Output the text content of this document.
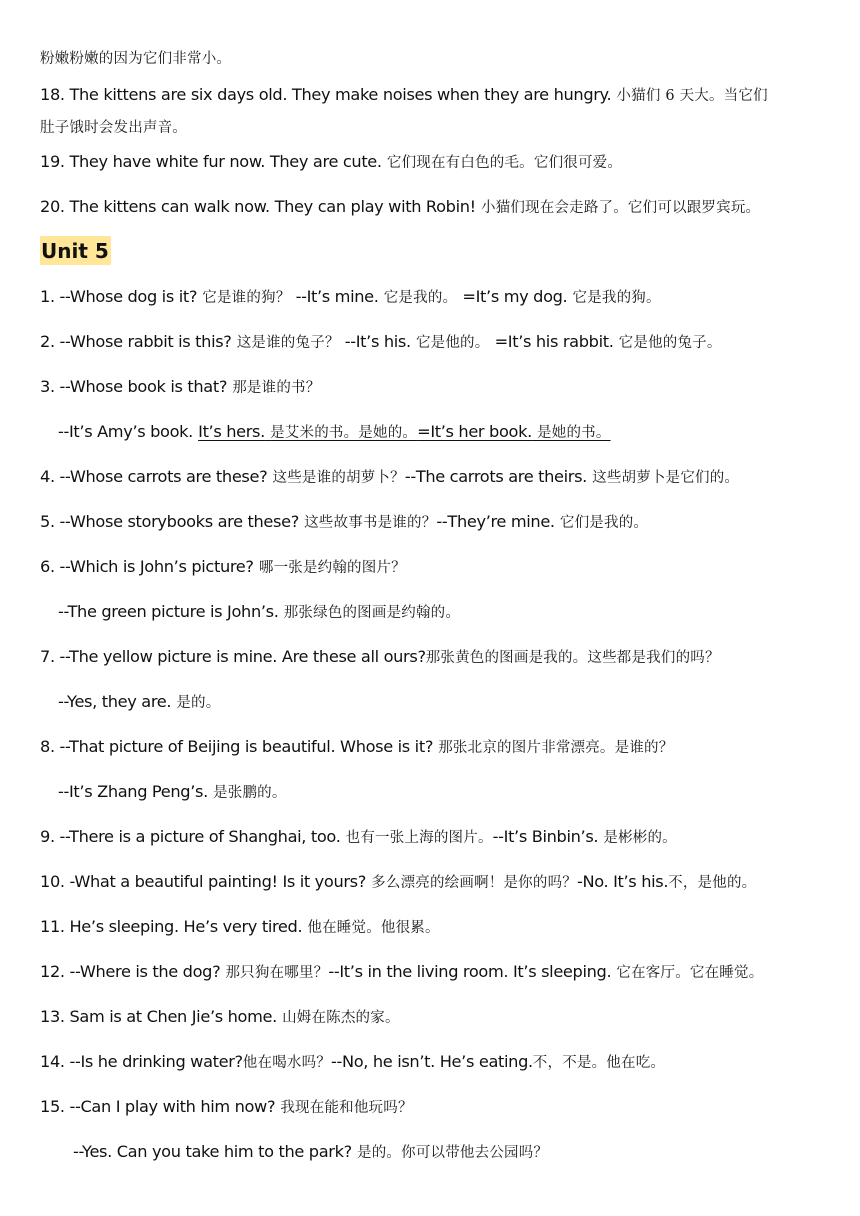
粉嫩粉嫩的因为它们非常小。
18. The kittens are six days old. They make noises when they are hungry. 小猫们 6 天大。当它们
肚子饿时会发出声音。
19. They have white fur now. They are cute. 它们现在有白色的毛。它们很可爱。
20. The kittens can walk now. They can play with Robin! 小猫们现在会走路了。它们可以跟罗宾玩。
Unit 5
1. --Whose dog is it? 它是谁的狗？ --It’s mine. 它是我的。 =It’s my dog. 它是我的狗。
2. --Whose rabbit is this? 这是谁的兔子？ --It’s his. 它是他的。 =It’s his rabbit. 它是他的兔子。
3. --Whose book is that? 那是谁的书？
--It’s Amy’s book. It’s hers. 是艾米的书。是她的。=It’s her book. 是她的书。
4. --Whose carrots are these? 这些是谁的胡萝卜？--The carrots are theirs. 这些胡萝卜是它们的。
5. --Whose storybooks are these? 这些故事书是谁的？--They’re mine. 它们是我的。
6. --Which is John’s picture? 哪一张是约翰的图片？
--The green picture is John’s. 那张绿色的图画是约翰的。
7. --The yellow picture is mine. Are these all ours?那张黄色的图画是我的。这些都是我们的吗？
--Yes, they are. 是的。
8. --That picture of Beijing is beautiful. Whose is it? 那张北京的图片非常漂亮。是谁的？
--It’s Zhang Peng’s. 是张鹏的。
9. --There is a picture of Shanghai, too. 也有一张上海的图片。--It’s Binbin’s. 是彬彬的。
10. -What a beautiful painting! Is it yours? 多么漂亮的绘画啊！是你的吗？-No. It’s his.不，是他的。
11. He’s sleeping. He’s very tired. 他在睡觉。他很累。
12. --Where is the dog? 那只狗在哪里？--It’s in the living room. It’s sleeping. 它在客厅。它在睡觉。
13. Sam is at Chen Jie’s home. 山姆在陈杰的家。
14. --Is he drinking water?他在喝水吗？--No, he isn’t. He’s eating.不，不是。他在吃。
15. --Can I play with him now? 我现在能和他玩吗？
--Yes. Can you take him to the park? 是的。你可以带他去公园吗？
